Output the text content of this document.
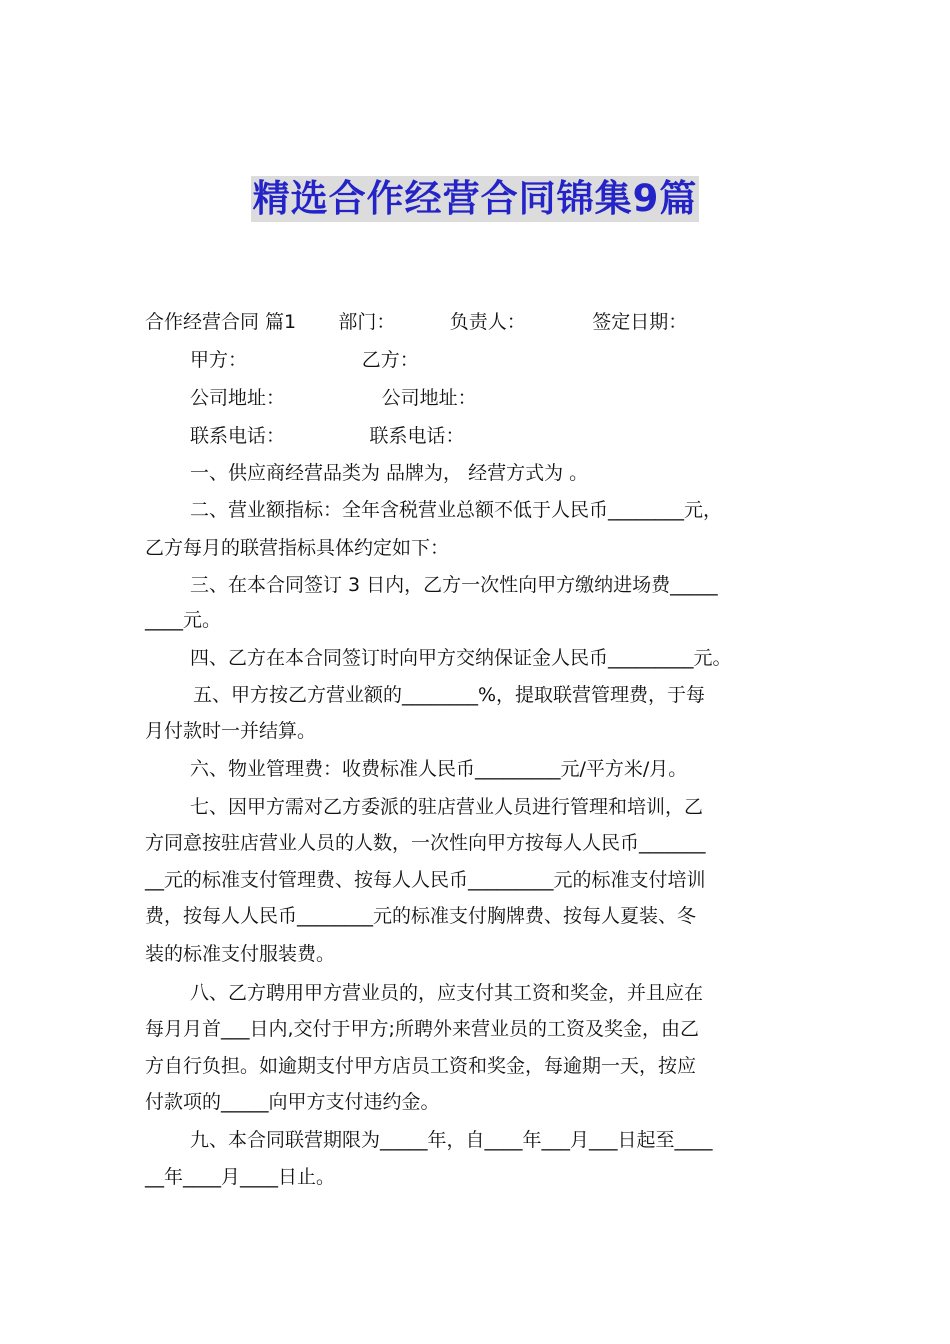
精选合作经营合同锦集9篇
合作经营合同 篇1       部门：         负责人：           签定日期：
甲方：                   乙方：
公司地址：                公司地址：
联系电话：              联系电话：
一、供应商经营品类为 品牌为， 经营方式为 。
二、营业额指标：全年含税营业总额不低于人民币________元，
乙方每月的联营指标具体约定如下：
三、在本合同签订 3 日内，乙方一次性向甲方缴纳进场费_____
____元。
四、乙方在本合同签订时向甲方交纳保证金人民币_________元。
五、甲方按乙方营业额的________%，提取联营管理费，于每
月付款时一并结算。
六、物业管理费：收费标准人民币_________元/平方米/月。
七、因甲方需对乙方委派的驻店营业人员进行管理和培训，乙
方同意按驻店营业人员的人数，一次性向甲方按每人人民币_______
__元的标准支付管理费、按每人人民币_________元的标准支付培训
费，按每人人民币________元的标准支付胸牌费、按每人夏装、冬
装的标准支付服装费。
八、乙方聘用甲方营业员的，应支付其工资和奖金，并且应在
每月月首___日内,交付于甲方;所聘外来营业员的工资及奖金，由乙
方自行负担。如逾期支付甲方店员工资和奖金，每逾期一天，按应
付款项的_____向甲方支付违约金。
九、本合同联营期限为_____年，自____年___月___日起至____
__年____月____日止。
